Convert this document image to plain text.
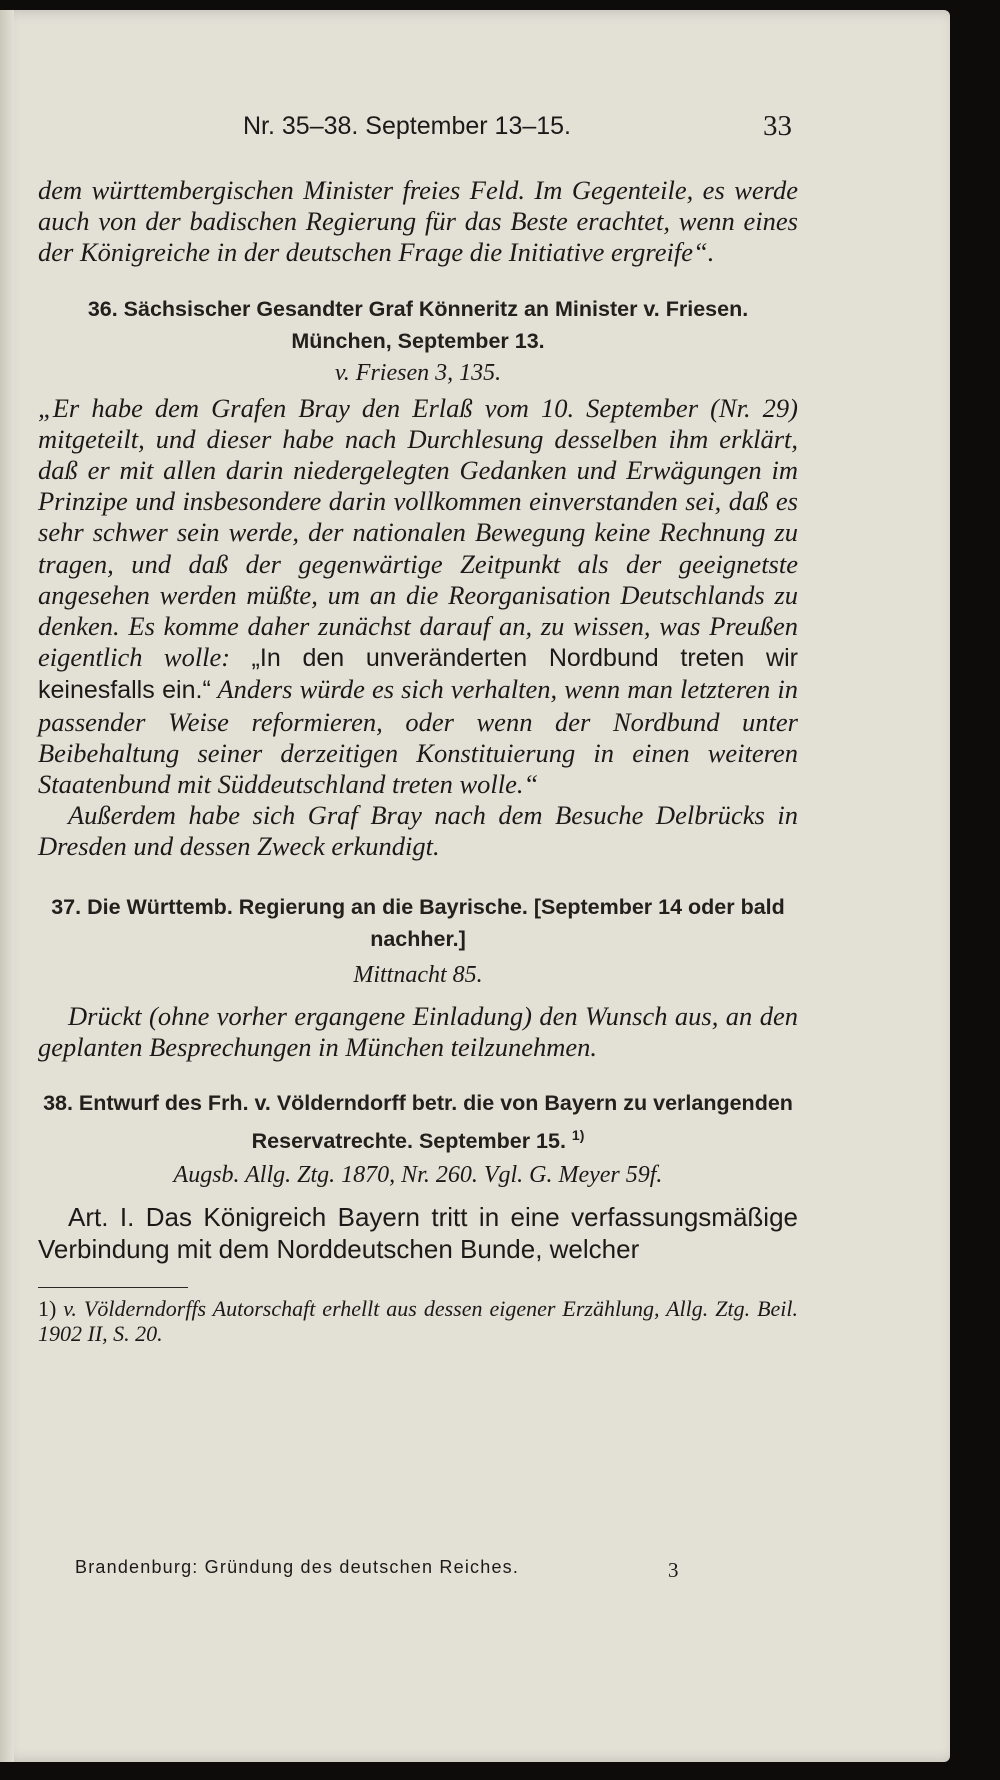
Nr. 35–38. September 13–15.	33

dem württembergischen Minister freies Feld. Im Gegenteile, es werde auch von der badischen Regierung für das Beste erachtet, wenn eines der Königreiche in der deutschen Frage die Initiative ergreife“.

36. Sächsischer Gesandter Graf Könneritz an Minister v. Friesen. München, September 13.

v. Friesen 3, 135.

„Er habe dem Grafen Bray den Erlaß vom 10. September (Nr. 29) mitgeteilt, und dieser habe nach Durchlesung desselben ihm erklärt, daß er mit allen darin niedergelegten Gedanken und Erwägungen im Prinzipe und insbesondere darin vollkommen einverstanden sei, daß es sehr schwer sein werde, der nationalen Bewegung keine Rechnung zu tragen, und daß der gegenwärtige Zeitpunkt als der geeignetste angesehen werden müßte, um an die Reorganisation Deutschlands zu denken. Es komme daher zunächst darauf an, zu wissen, was Preußen eigentlich wolle: „In den unveränderten Nordbund treten wir keinesfalls ein.“ Anders würde es sich verhalten, wenn man letzteren in passender Weise reformieren, oder wenn der Nordbund unter Beibehaltung seiner derzeitigen Konstituierung in einen weiteren Staatenbund mit Süddeutschland treten wolle.“

Außerdem habe sich Graf Bray nach dem Besuche Delbrücks in Dresden und dessen Zweck erkundigt.

37. Die Württemb. Regierung an die Bayrische. [September 14 oder bald nachher.]

Mittnacht 85.

Drückt (ohne vorher ergangene Einladung) den Wunsch aus, an den geplanten Besprechungen in München teilzunehmen.

38. Entwurf des Frh. v. Völderndorff betr. die von Bayern zu verlangenden Reservatrechte. September 15. $^{1)}$

Augsb. Allg. Ztg. 1870, Nr. 260. Vgl. G. Meyer 59f.

Art. I. Das Königreich Bayern tritt in eine verfassungsmäßige Verbindung mit dem Norddeutschen Bunde, welcher

1) v. Völderndorffs Autorschaft erhellt aus dessen eigener Erzählung, Allg. Ztg. Beil. 1902 II, S. 20.

Brandenburg: Gründung des deutschen Reiches.	3
